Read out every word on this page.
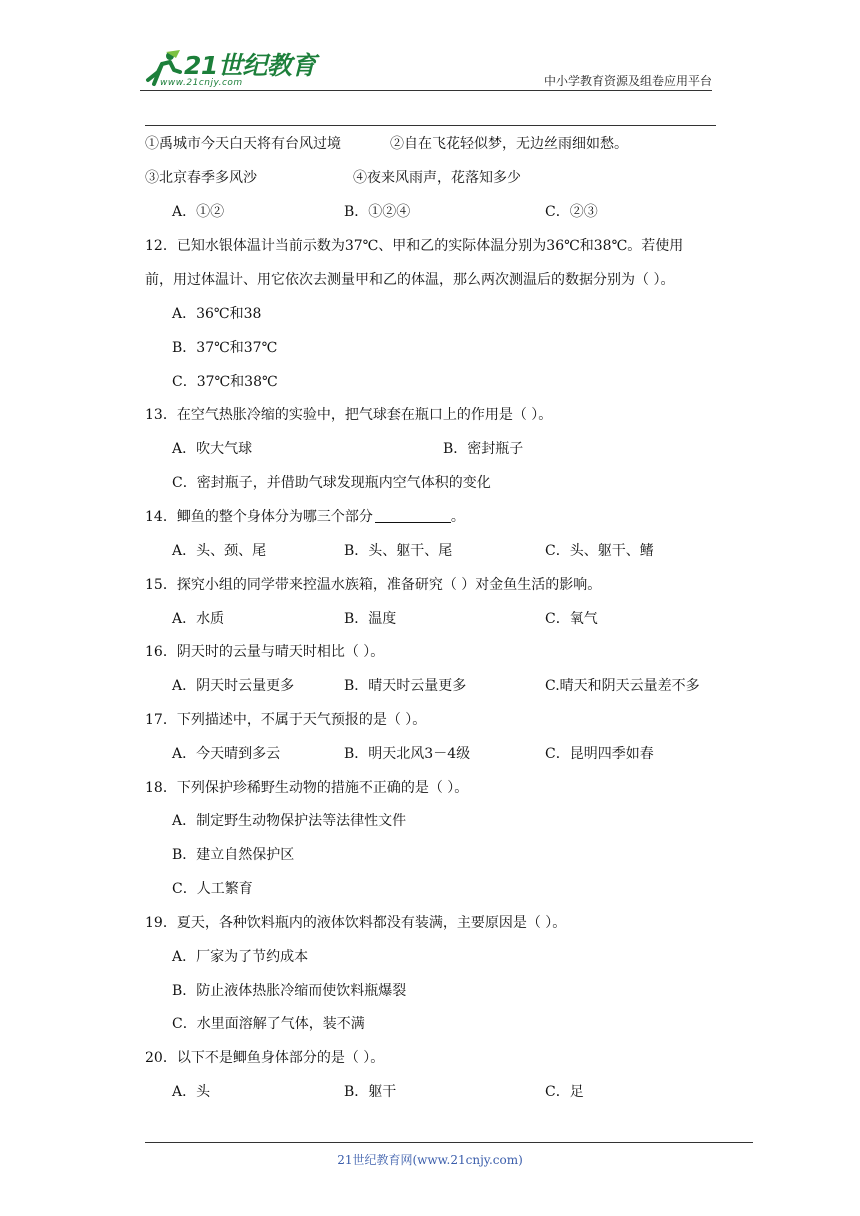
21世纪教育
www.21cnjy.com	中小学教育资源及组卷应用平台
①禹城市今天白天将有台风过境	②自在飞花轻似梦，无边丝雨细如愁。
③北京春季多风沙	④夜来风雨声，花落知多少
A．①②	B．①②④	C．②③
12．已知水银体温计当前示数为37℃、甲和乙的实际体温分别为36℃和38℃。若使用
前，用过体温计、用它依次去测量甲和乙的体温，那么两次测温后的数据分别为（ ）。
A．36℃和38
B．37℃和37℃
C．37℃和38℃
13．在空气热胀冷缩的实验中，把气球套在瓶口上的作用是（ ）。
A．吹大气球	B．密封瓶子
C．密封瓶子，并借助气球发现瓶内空气体积的变化
14．鲫鱼的整个身体分为哪三个部分	。
A．头、颈、尾	B．头、躯干、尾	C．头、躯干、鳍
15．探究小组的同学带来控温水族箱，准备研究（ ）对金鱼生活的影响。
A．水质	B．温度	C．氧气
16．阴天时的云量与晴天时相比（ ）。
A．阴天时云量更多	B．晴天时云量更多	C.晴天和阴天云量差不多
17．下列描述中，不属于天气预报的是（ ）。
A．今天晴到多云	B．明天北风3－4级	C．昆明四季如春
18．下列保护珍稀野生动物的措施不正确的是（ ）。
A．制定野生动物保护法等法律性文件
B．建立自然保护区
C．人工繁育
19．夏天，各种饮料瓶内的液体饮料都没有装满，主要原因是（ ）。
A．厂家为了节约成本
B．防止液体热胀冷缩而使饮料瓶爆裂
C．水里面溶解了气体，装不满
20．以下不是鲫鱼身体部分的是（ ）。
A．头	B．躯干	C．足
21世纪教育网(www.21cnjy.com)
